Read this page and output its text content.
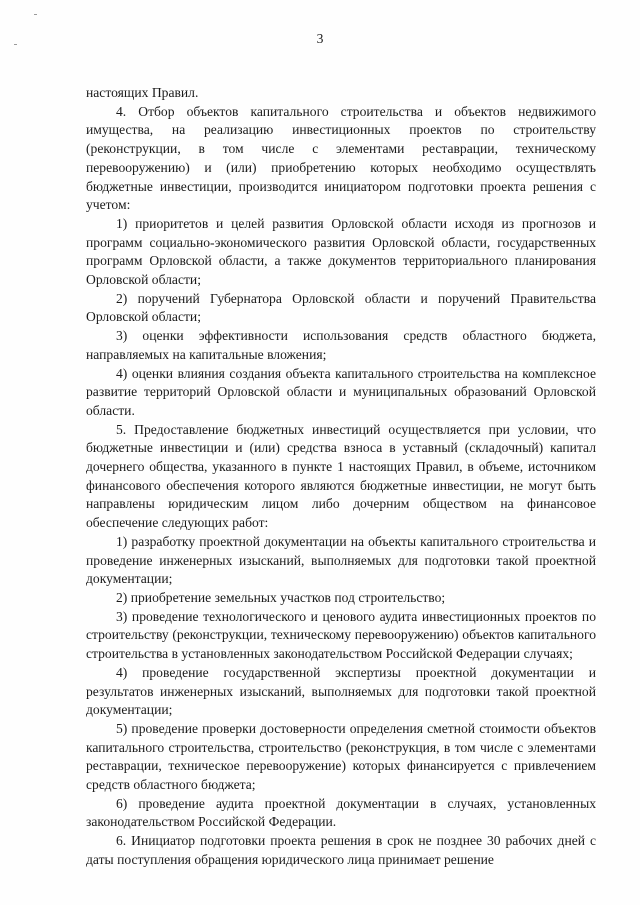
3

настоящих Правил.

4. Отбор объектов капитального строительства и объектов недвижимого имущества, на реализацию инвестиционных проектов по строительству (реконструкции, в том числе с элементами реставрации, техническому перевооружению) и (или) приобретению которых необходимо осуществлять бюджетные инвестиции, производится инициатором подготовки проекта решения с учетом:

1) приоритетов и целей развития Орловской области исходя из прогнозов и программ социально-экономического развития Орловской области, государственных программ Орловской области, а также документов территориального планирования Орловской области;

2) поручений Губернатора Орловской области и поручений Правительства Орловской области;

3) оценки эффективности использования средств областного бюджета, направляемых на капитальные вложения;

4) оценки влияния создания объекта капитального строительства на комплексное развитие территорий Орловской области и муниципальных образований Орловской области.

5. Предоставление бюджетных инвестиций осуществляется при условии, что бюджетные инвестиции и (или) средства взноса в уставный (складочный) капитал дочернего общества, указанного в пункте 1 настоящих Правил, в объеме, источником финансового обеспечения которого являются бюджетные инвестиции, не могут быть направлены юридическим лицом либо дочерним обществом на финансовое обеспечение следующих работ:

1) разработку проектной документации на объекты капитального строительства и проведение инженерных изысканий, выполняемых для подготовки такой проектной документации;

2) приобретение земельных участков под строительство;

3) проведение технологического и ценового аудита инвестиционных проектов по строительству (реконструкции, техническому перевооружению) объектов капитального строительства в установленных законодательством Российской Федерации случаях;

4) проведение государственной экспертизы проектной документации и результатов инженерных изысканий, выполняемых для подготовки такой проектной документации;

5) проведение проверки достоверности определения сметной стоимости объектов капитального строительства, строительство (реконструкция, в том числе с элементами реставрации, техническое перевооружение) которых финансируется с привлечением средств областного бюджета;

6) проведение аудита проектной документации в случаях, установленных законодательством Российской Федерации.

6. Инициатор подготовки проекта решения в срок не позднее 30 рабочих дней с даты поступления обращения юридического лица принимает решение
